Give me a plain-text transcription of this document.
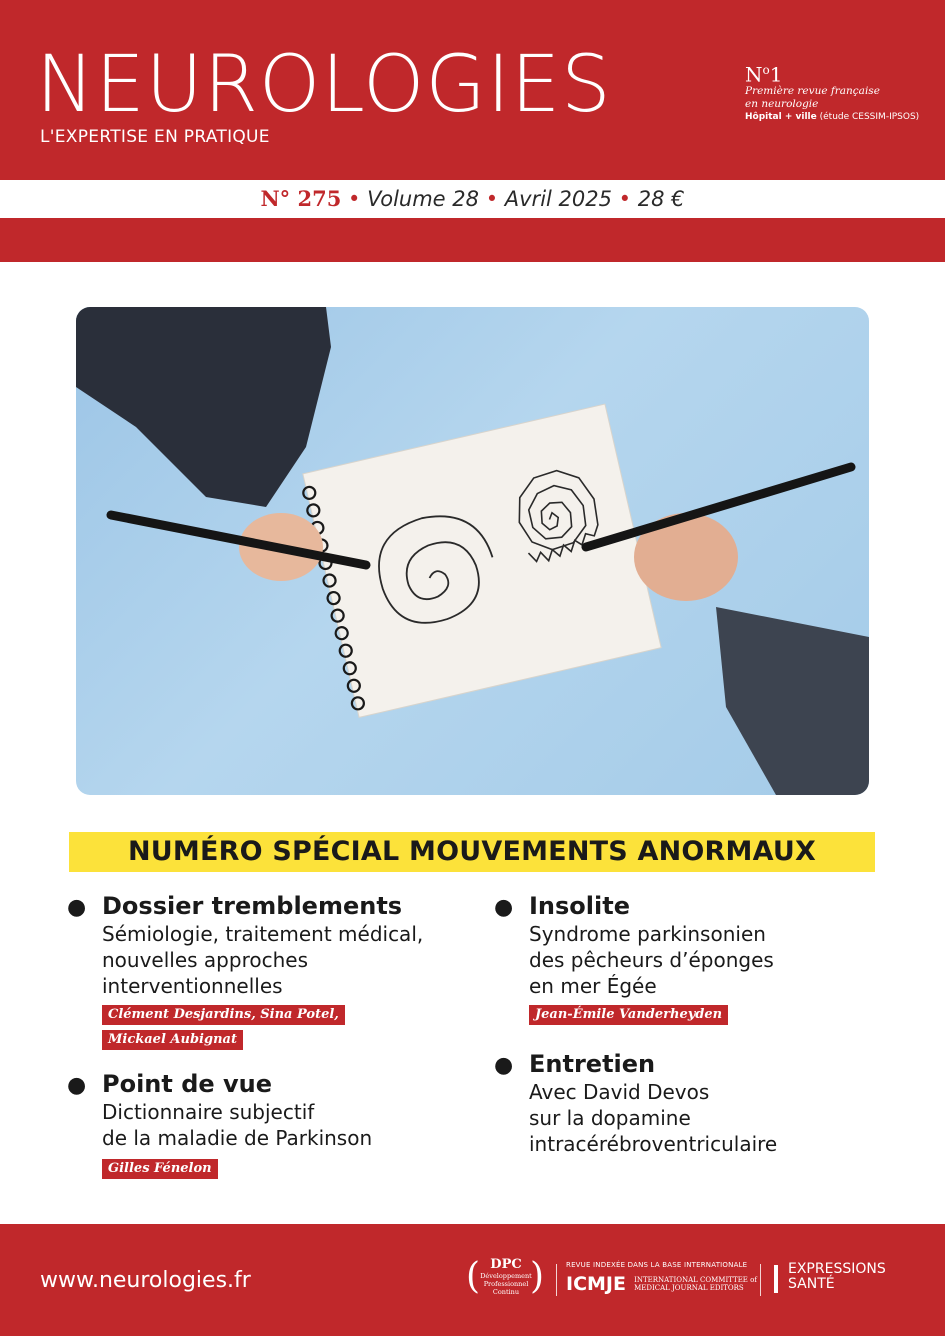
NEUROLOGIES
L'EXPERTISE EN PRATIQUE
$N^o1$
Première revue française
en neurologie
Hôpital + ville (étude CESSIM-IPSOS)
N° 275 • Volume 28 • Avril 2025 • 28 €
NUMÉRO SPÉCIAL MOUVEMENTS ANORMAUX
● Dossier tremblements
Sémiologie, traitement médical,
nouvelles approches
interventionnelles
Clément Desjardins, Sina Potel,
Mickael Aubignat
● Point de vue
Dictionnaire subjectif
de la maladie de Parkinson
Gilles Fénelon
● Insolite
Syndrome parkinsonien
des pêcheurs d’éponges
en mer Égée
Jean-Émile Vanderheyden
● Entretien
Avec David Devos
sur la dopamine
intracérébroventriculaire
www.neurologies.fr	( DPC
Développement
Professionnel
Continu )	REVUE INDEXÉE DANS LA BASE INTERNATIONALE
ICMJE INTERNATIONAL COMMITTEE of
MEDICAL JOURNAL EDITORS
EXPRESSIONS
SANTÉ
